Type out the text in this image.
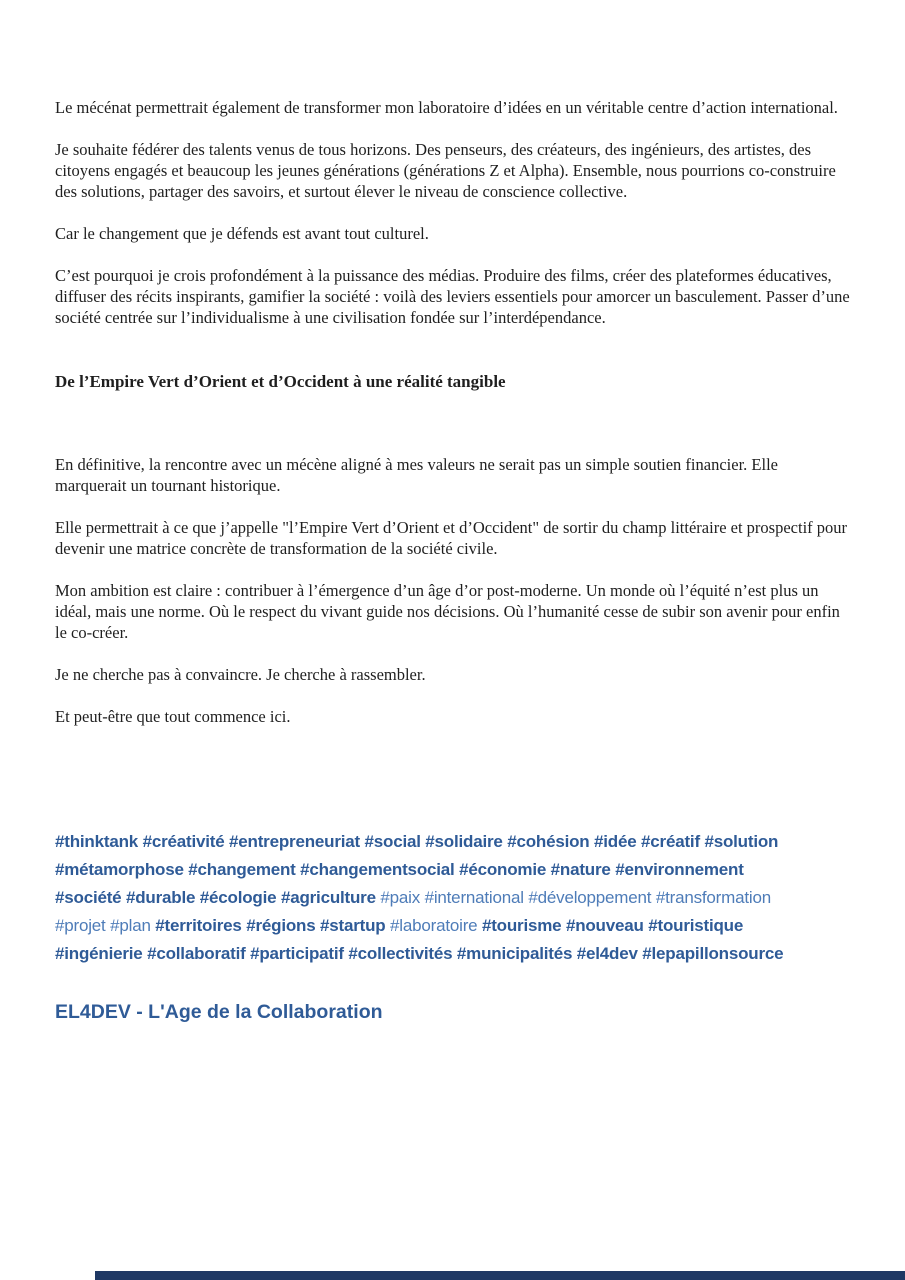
Le mécénat permettrait également de transformer mon laboratoire d’idées en un véritable centre d’action international.

Je souhaite fédérer des talents venus de tous horizons. Des penseurs, des créateurs, des ingénieurs, des artistes, des citoyens engagés et beaucoup les jeunes générations (générations Z et Alpha). Ensemble, nous pourrions co-construire des solutions, partager des savoirs, et surtout élever le niveau de conscience collective.

Car le changement que je défends est avant tout culturel.

C’est pourquoi je crois profondément à la puissance des médias. Produire des films, créer des plateformes éducatives, diffuser des récits inspirants, gamifier la société : voilà des leviers essentiels pour amorcer un basculement. Passer d’une société centrée sur l’individualisme à une civilisation fondée sur l’interdépendance.

De l’Empire Vert d’Orient et d’Occident à une réalité tangible

En définitive, la rencontre avec un mécène aligné à mes valeurs ne serait pas un simple soutien financier. Elle marquerait un tournant historique.

Elle permettrait à ce que j’appelle "l’Empire Vert d’Orient et d’Occident" de sortir du champ littéraire et prospectif pour devenir une matrice concrète de transformation de la société civile.

Mon ambition est claire : contribuer à l’émergence d’un âge d’or post-moderne. Un monde où l’équité n’est plus un idéal, mais une norme. Où le respect du vivant guide nos décisions. Où l’humanité cesse de subir son avenir pour enfin le co-créer.

Je ne cherche pas à convaincre. Je cherche à rassembler.

Et peut-être que tout commence ici.

#thinktank #créativité #entrepreneuriat #social #solidaire #cohésion #idée #créatif #solution
#métamorphose #changement #changementsocial #économie #nature #environnement
#société #durable #écologie #agriculture #paix #international #développement #transformation
#projet #plan #territoires #régions #startup #laboratoire #tourisme #nouveau #touristique
#ingénierie #collaboratif #participatif #collectivités #municipalités #el4dev #lepapillonsource
EL4DEV - L'Age de la Collaboration
